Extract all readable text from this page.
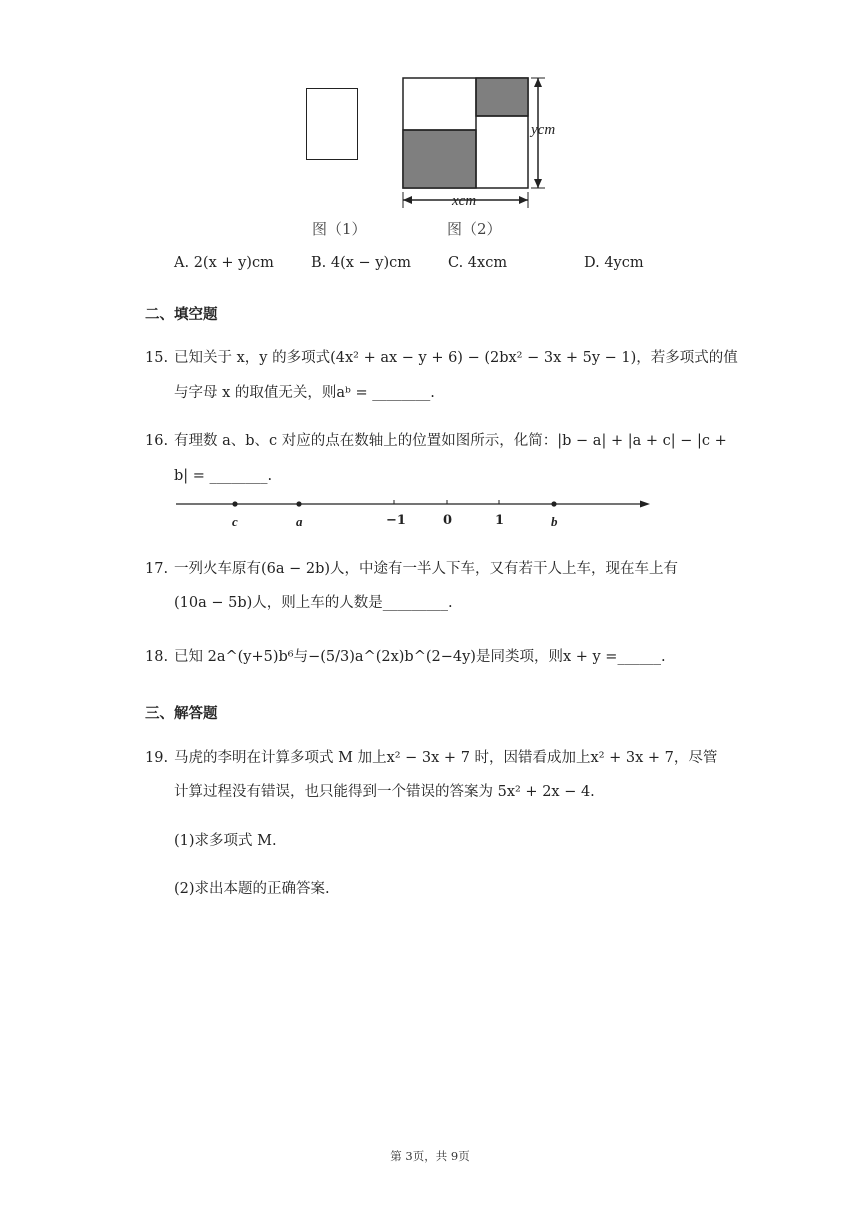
ycm
xcm
图（1）	图（2）
A. 2(x + y)cm	B. 4(x − y)cm	C. 4xcm	D. 4ycm
二、填空题
15. 已知关于 x，y 的多项式(4x² + ax − y + 6) − (2bx² − 3x + 5y − 1)，若多项式的值
与字母 x 的取值无关，则aᵇ = ________.
16. 有理数 a、b、c 对应的点在数轴上的位置如图所示，化简：|b − a| + |a + c| − |c +
b| = ________.
c	a	−1	0	1	b
17. 一列火车原有(6a − 2b)人，中途有一半人下车，又有若干人上车，现在车上有
(10a − 5b)人，则上车的人数是_________.
18. 已知 2a^(y+5)b⁶与−(5/3)a^(2x)b^(2−4y)是同类项，则x + y =______.
三、解答题
19. 马虎的李明在计算多项式 M 加上x² − 3x + 7 时，因错看成加上x² + 3x + 7，尽管
计算过程没有错误，也只能得到一个错误的答案为 5x² + 2x − 4.
(1)求多项式 M.
(2)求出本题的正确答案.
第 3页，共 9页
